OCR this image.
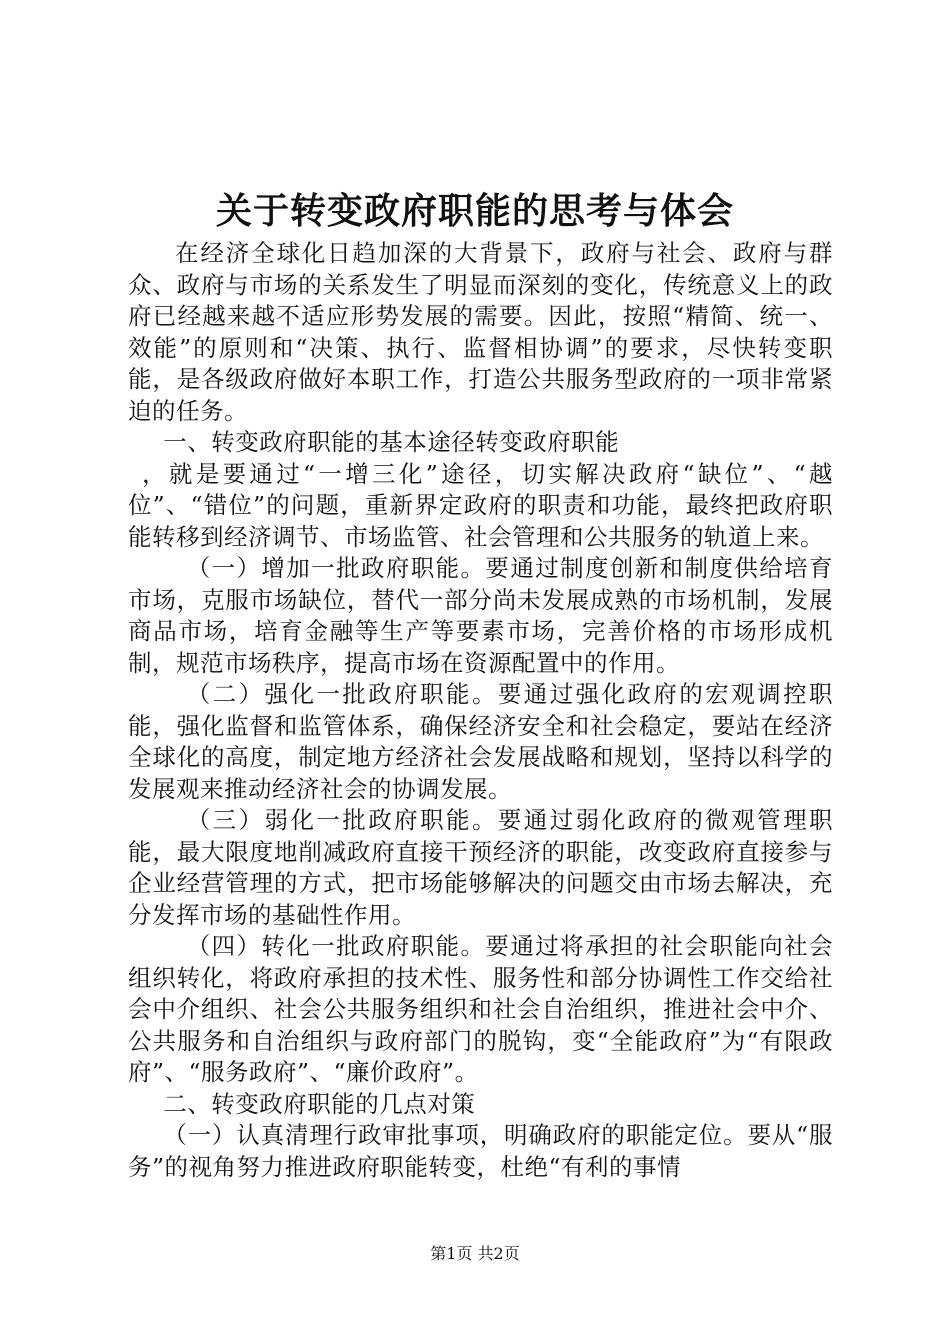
关于转变政府职能的思考与体会

在经济全球化日趋加深的大背景下，政府与社会、政府与群众、政府与市场的关系发生了明显而深刻的变化，传统意义上的政府已经越来越不适应形势发展的需要。因此，按照“精简、统一、效能”的原则和“决策、执行、监督相协调”的要求，尽快转变职能，是各级政府做好本职工作，打造公共服务型政府的一项非常紧迫的任务。

一、转变政府职能的基本途径转变政府职能

，就是要通过“一增三化”途径，切实解决政府“缺位”、“越位”、“错位”的问题，重新界定政府的职责和功能，最终把政府职能转移到经济调节、市场监管、社会管理和公共服务的轨道上来。

（一）增加一批政府职能。要通过制度创新和制度供给培育市场，克服市场缺位，替代一部分尚未发展成熟的市场机制，发展商品市场，培育金融等生产等要素市场，完善价格的市场形成机制，规范市场秩序，提高市场在资源配置中的作用。

（二）强化一批政府职能。要通过强化政府的宏观调控职能，强化监督和监管体系，确保经济安全和社会稳定，要站在经济全球化的高度，制定地方经济社会发展战略和规划，坚持以科学的发展观来推动经济社会的协调发展。

（三）弱化一批政府职能。要通过弱化政府的微观管理职能，最大限度地削减政府直接干预经济的职能，改变政府直接参与企业经营管理的方式，把市场能够解决的问题交由市场去解决，充分发挥市场的基础性作用。

（四）转化一批政府职能。要通过将承担的社会职能向社会组织转化，将政府承担的技术性、服务性和部分协调性工作交给社会中介组织、社会公共服务组织和社会自治组织，推进社会中介、公共服务和自治组织与政府部门的脱钩，变“全能政府”为“有限政府”、“服务政府”、“廉价政府”。

二、转变政府职能的几点对策

（一）认真清理行政审批事项，明确政府的职能定位。要从“服务”的视角努力推进政府职能转变，杜绝“有利的事情

第1页 共2页
